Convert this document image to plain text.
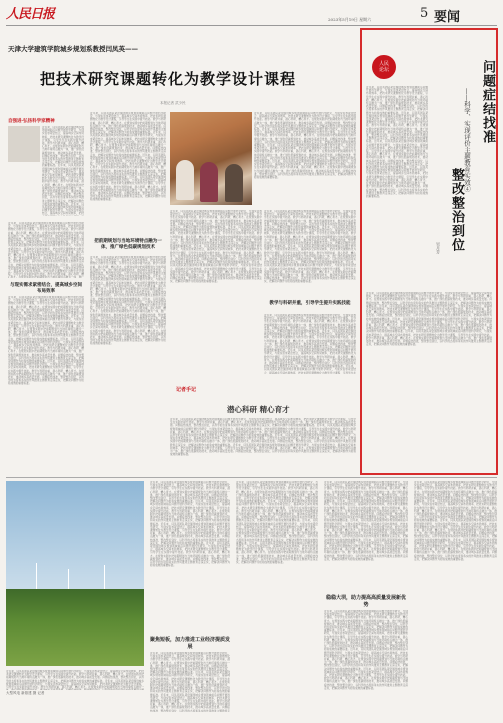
人民日报	2023年5月19日 星期六	5 要闻
天津大学建筑学院城乡规划系教授闫凤英——
把技术研究课题转化为教学设计课程
本报记者 武少民
自强进·弘扬科学家精神
近年来，闫凤英团队紧密围绕城乡规划领域前沿问题开展科学研究，与现实需求紧密结合，提高城乡空间布局效率，把技术研究课题转化为教学设计课程，引导学生在实践中提升技能。教学与科研并重，潜心科研，精心育才。在规划实践中把前期规划与当地环境特点融为一体，推广绿色低碳规划技术，推动城乡高质量发展。问题症结找准，整改整治到位，以科学的态度和务实的作风推进主题教育走深走实，把解决问题作为检验成效的重要标准。近年来，闫凤英团队紧密围绕城乡规划领域前沿问题开展科学研究，与现实需求紧密结合，提高城乡空间布局效率，把技术研究课题转化为教学设计课程，引导学生在实践中提升技能。教学与科研并重，潜心科研，精心育才。在规划实践中把前期规划与当地环境特点融为一体，推广绿色低碳规划技术，推动城乡高质量发展。问题症结找准，整改整治到位，以科学的态度和务实的作风推进主题教育走深走实，把解决问题作为检验成效的重要标准。近年来，闫凤英团队紧密围绕城乡规划领域前沿问题开展科学研究，与现实需求紧密结合，提高城乡空间布局效率，把技
近年来，闫凤英团队紧密围绕城乡规划领域前沿问题开展科学研究，与现实需求紧密结合，提高城乡空间布局效率，把技术研究课题转化为教学设计课程，引导学生在实践中提升技能。教学与科研并重，潜心科研，精心育才。在规划实践中把前期规划与当地环境特点融为一体，推广绿色低碳规划技术，推动城乡高质量发展。问题症结找准，整改整治到位，以科学的态度和务实的作风推进主题教育走深走实，把解决问题作为检验成效的重要标准。近年来，闫凤英团队紧密围绕城乡规划领域前沿问题开展科学研究，与现实需求紧密结合，提高城乡空间布局效率，把技术研究课题转化为教学设计课程，引导学生在实践中提升技能。教学与科研并重，潜心科研，精心育才。在规划实践中把前期规划与当地环境特点融为一体，推广绿色低碳规划技术，推动城乡高质量发展。问题症结找准，整改整治到位，以科学的态度和务实的作风推进主题教育走深走实，把解决问题作为检验成效的重要标准。近年来，闫凤英团队紧密围绕城乡规划领域前沿问题开展科学研究，与现实需求紧密结合，提高城乡空间布局效率，把技术研究课题转化为教学设计课程，引导学生在实践中提升技能。教学与科研并重，潜心科研，精心育才。在规划实践中把前期规划与当地环境特点融为一体，推广
与现实需求紧密结合，提高城乡空间布局效率
近年来，闫凤英团队紧密围绕城乡规划领域前沿问题开展科学研究，与现实需求紧密结合，提高城乡空间布局效率，把技术研究课题转化为教学设计课程，引导学生在实践中提升技能。教学与科研并重，潜心科研，精心育才。在规划实践中把前期规划与当地环境特点融为一体，推广绿色低碳规划技术，推动城乡高质量发展。问题症结找准，整改整治到位，以科学的态度和务实的作风推进主题教育走深走实，把解决问题作为检验成效的重要标准。近年来，闫凤英团队紧密围绕城乡规划领域前沿问题开展科学研究，与现实需求紧密结合，提高城乡空间布局效率，把技术研究课题转化为教学设计课程，引导学生在实践中提升技能。教学与科研并重，潜心科研，精心育才。在规划实践中把前期规划与当地环境特点融为一体，推广绿色低碳规划技术，推动城乡高质量发展。问题症结找准，整改整治到位，以科学的态度和务实的作风推进主题教育走深走实，把解决问题作为检验成效的重要标准。近年来，闫凤英团队紧密围绕城乡规划领域前沿问题开展科学研究，与现实需求紧密结合，提高城乡空间布局效率，把技术研究课题转化为教学设计课程，引导学生在实践中提升技能。教学与科研并重，潜心科研，精心育才。在规划实践中把前期规划与当地环境特点融为一体，推广绿色低碳规划技术，推动城乡高质量发展。问题症结找准，整改整治到位，以科学的态度和务实的作风推进主题教育走深走实，把解决问题作为检验成效的重要标准。近年来，闫凤英团队紧密围绕城乡规划领域前沿问题开展科学研究，与现实需求紧密结合，提高城乡空间布局效率，把技术研究课题转化为教学设计课程，引导学生在实践中提升技能。教学与科研并重，潜心科研，精心育才。在规划实践中把前期规划与当地环境特点融为一体，推广绿色低碳规划技术，推动城乡高质量发展。问题症结找准，整改整治到位，以科学的态度和务实的作风推进主题教育走深走实，把解决问题作为检验成效的重要标准。
近年来，闫凤英团队紧密围绕城乡规划领域前沿问题开展科学研究，与现实需求紧密结合，提高城乡空间布局效率，把技术研究课题转化为教学设计课程，引导学生在实践中提升技能。教学与科研并重，潜心科研，精心育才。在规划实践中把前期规划与当地环境特点融为一体，推广绿色低碳规划技术，推动城乡高质量发展。问题症结找准，整改整治到位，以科学的态度和务实的作风推进主题教育走深走实，把解决问题作为检验成效的重要标准。近年来，闫凤英团队紧密围绕城乡规划领域前沿问题开展科学研究，与现实需求紧密结合，提高城乡空间布局效率，把技术研究课题转化为教学设计课程，引导学生在实践中提升技能。教学与科研并重，潜心科研，精心育才。在规划实践中把前期规划与当地环境特点融为一体，推广绿色低碳规划技术，推动城乡高质量发展。问题症结找准，整改整治到位，以科学的态度和务实的作风推进主题教育走深走实，把解决问题作为检验成效的重要标准。近年来，闫凤英团队紧密围绕城乡规划领域前沿问题开展科学研究，与现实需求紧密结合，提高城乡空间布局效率，把技术研究课题转化为教学设计课程，引导学生在实践中提升技能。教学与科研并重，潜心科研，精心育才。在规划实践中把前期规划与当地环境特点融为一体，推广绿色低碳规划技术，推动城乡高质量发展。问题症结找准，整改整治到位，以科学的态度和务实的作风推进主题教育走深走实，把解决问题作为检验成效的重要标准。近年来，闫凤英团队紧密围绕城乡规划领域前沿问题开展科学研究，与现实需求紧密结合，提高城乡空间布局效率，把技术研究课题转化为教学设计课程，引导学生在实践中提升技能。教学与科研并重，潜心科研，精心育才。在规划实践中把前期规划与当地环境特点融为一体，推广绿色低碳规划技术，推动城乡高质量发展。问题症结找准，整改整治到位，以科学的态度和务实的作风推进主题教育走深走实，把解决问题作为检验成效的重要标准。
把前期规划与当地环境特点融为一体，推广绿色低碳规划技术
近年来，闫凤英团队紧密围绕城乡规划领域前沿问题开展科学研究，与现实需求紧密结合，提高城乡空间布局效率，把技术研究课题转化为教学设计课程，引导学生在实践中提升技能。教学与科研并重，潜心科研，精心育才。在规划实践中把前期规划与当地环境特点融为一体，推广绿色低碳规划技术，推动城乡高质量发展。问题症结找准，整改整治到位，以科学的态度和务实的作风推进主题教育走深走实，把解决问题作为检验成效的重要标准。近年来，闫凤英团队紧密围绕城乡规划领域前沿问题开展科学研究，与现实需求紧密结合，提高城乡空间布局效率，把技术研究课题转化为教学设计课程，引导学生在实践中提升技能。教学与科研并重，潜心科研，精心育才。在规划实践中把前期规划与当地环境特点融为一体，推广绿色低碳规划技术，推动城乡高质量发展。问题症结找准，整改整治到位，以科学的态度和务实的作风推进主题教育走深走实，把解决问题作为检验成效的重要标准。近年来，闫凤英团队紧密围绕城乡规划领域前沿问题开展科学研究，与现实需求紧密结合，提高城乡空间布局效率，把技术研究课题转化为教学设计课程，引导学生在实践中提升技能。教学与科研并重，潜心科研，精心育才。在规划实践中把前期规划与当地环境特点融为一体，推广绿色低碳规划技术，推动城乡高质量发展。问题症结找准，整改整治到位，以科学的态度和务实的作风推进主题教育走深走实，把解决问题作为检验成效的重要标准。近年来，闫凤英团队紧密围绕城乡规划领域前沿问题开展科学研究，与现实需求紧密结合，提高城乡空间布局效率，把技术研究课题转化为教学设计课程，引导学生在实践中提升技能。教学与科研并重，潜心科研，精心育才。在规划实践中把前期规划与当地环境特点融为一体，推广绿色低碳规划技术，推动城乡高质量发展。问题症结找准，整改整治到位，以科学的态度和务实的作风推进主题教育走深走实，把解决问题作为检验成效的重要标准。
近年来，闫凤英团队紧密围绕城乡规划领域前沿问题开展科学研究，与现实需求紧密结合，提高城乡空间布局效率，把技术研究课题转化为教学设计课程，引导学生在实践中提升技能。教学与科研并重，潜心科研，精心育才。在规划实践中把前期规划与当地环境特点融为一体，推广绿色低碳规划技术，推动城乡高质量发展。问题症结找准，整改整治到位，以科学的态度和务实的作风推进主题教育走深走实，把解决问题作为检验成效的重要标准。近年来，闫凤英团队紧密围绕城乡规划领域前沿问题开展科学研究，与现实需求紧密结合，提高城乡空间布局效率，把技术研究课题转化为教学设计课程，引导学生在实践中提升技能。教学与科研并重，潜心科研，精心育才。在规划实践中把前期规划与当地环境特点融为一体，推广绿色低碳规划技术，推动城乡高质量发展。问题症结找准，整改整治到位，以科学的态度和务实的作风推进主题教育走深走实，把解决问题作为检验成效的重要标准。近年来，闫凤英团队紧密围绕城乡规划领域前沿问题开展科学研究，与现实需求紧密结合，提高城乡空间布局效率，把技术研究课题转化为教学设计课程，引导学生在实践中提升技能。教学与科研并重，潜心科研，精心育才。在规划实践中把前期规划与当地环境特点融为一体，推广绿色低碳规划技术，推动城乡高质量发展。问题症结找准，整改整治到位，以科学的态度和务实的作风推进主题教育走深走实，把解决问题作为检验成效的重要标准。近年来，闫凤英团队紧密围绕城乡规划领域前沿问题开展科学研究，与现实需求紧密结合，提高城乡空间布局效率，把技术研究课题转化为教学设计课程，引导学生在实践中提升技能。教学与科研并重，潜心科研，精心育才。在规划实践中把前期规划与当地环境特点融为一体，推广绿色低碳规划技术，推动城乡高质量发展。问题症结找准，整改整治到位，以科学的态度和务实的作风推进主题教育走深走实，把解决问题作为检验成效的重要标准。
近年来，闫凤英团队紧密围绕城乡规划领域前沿问题开展科学研究，与现实需求紧密结合，提高城乡空间布局效率，把技术研究课题转化为教学设计课程，引导学生在实践中提升技能。教学与科研并重，潜心科研，精心育才。在规划实践中把前期规划与当地环境特点融为一体，推广绿色低碳规划技术，推动城乡高质量发展。问题症结找准，整改整治到位，以科学的态度和务实的作风推进主题教育走深走实，把解决问题作为检验成效的重要标准。近年来，闫凤英团队紧密围绕城乡规划领域前沿问题开展科学研究，与现实需求紧密结合，提高城乡空间布局效率，把技术研究课题转化为教学设计课程，引导学生在实践中提升技能。教学与科研并重，潜心科研，精心育才。在规划实践中把前期规划与当地环境特点融为一体，推广绿色低碳规划技术，推动城乡高质量发展。问题症结找准，整改整治到位，以科学的态度和务实的作风推进主题教育走深走实，把解决问题作为检验成效的重要标准。近年来，闫凤英团队紧密围绕城乡规划领域前沿问题开展科学研究，与现实需求紧密结合，提高城乡空间布局效率，把技术研究课题转化为教学设计课程，引导学生在实践中提升技能。教学与科研并重，潜心科研，精心育才。在规划实践中把前期规划与当地环境特点融为一体，推广绿色低碳规划技术，推动城乡高质量发展。问题症结找准，整改整治到位，以科学的态度和务实的作风推进主题教育走深走实，把解决问题作为检验成效的重要标准。近年来，闫凤英团队紧密围绕城乡规划领域前沿问题开展科学研究，与现实需求紧密结合，提高城乡空间布局效率，把技术研究课题转化为教学设计课程，引导学生在实践中提升技能。教学与科研并重，潜心科研，精心育才。在规划实践中把前期规划与当地环境特点融为一体，推广绿色低碳规划技术，推动城乡高质量发展。问题症结找准，整改整治到位，以科学的态度和务实的作风推进主题教育走深走实，把解决问题作为检验成效的重要标准。
教学与科研并重，引导学生提升实践技能
近年来，闫凤英团队紧密围绕城乡规划领域前沿问题开展科学研究，与现实需求紧密结合，提高城乡空间布局效率，把技术研究课题转化为教学设计课程，引导学生在实践中提升技能。教学与科研并重，潜心科研，精心育才。在规划实践中把前期规划与当地环境特点融为一体，推广绿色低碳规划技术，推动城乡高质量发展。问题症结找准，整改整治到位，以科学的态度和务实的作风推进主题教育走深走实，把解决问题作为检验成效的重要标准。近年来，闫凤英团队紧密围绕城乡规划领域前沿问题开展科学研究，与现实需求紧密结合，提高城乡空间布局效率，把技术研究课题转化为教学设计课程，引导学生在实践中提升技能。教学与科研并重，潜心科研，精心育才。在规划实践中把前期规划与当地环境特点融为一体，推广绿色低碳规划技术，推动城乡高质量发展。问题症结找准，整改整治到位，以科学的态度和务实的作风推进主题教育走深走实，把解决问题作为检验成效的重要标准。近年来，闫凤英团队紧密围绕城乡规划领域前沿问题开展科学研究，与现实需求紧密结合，提高城乡空间布局效率，把技术研究课题转化为教学设计课程，引导学生在实践中提升技能。教学与科研并重，潜心科研，精心育才。在规划实践中把前期规划与当地环境特点融为一体，推广绿色低碳规划技术，推动城乡高质量发展。问题症结找准，整改整治到位，以科学的态度和务实的作风推进主题教育走深走实，把解决问题作为检验成效的重要标准。近年来，闫凤英团队紧密围绕城乡规划领域前沿问题开展科学研究，与现实需求紧密结合，提高城乡空间布局效率，把技术研究课题转化为教学设计课程，引导学生在实践中提升技能。教学与科研并重，潜心科研，精心育才。在规划实践中把前期规划与当地环境特点融为一体，推广绿色低碳规划技术，推动城乡高质量发展。问题症结找准，整改整治到位，以科学的态度和务实的作风推进主题教育走深走实，把解决问题作为检验成效的重要标准。
近年来，闫凤英团队紧密围绕城乡规划领域前沿问题开展科学研究，与现实需求紧密结合，提高城乡空间布局效率，把技术研究课题转化为教学设计课程，引导学生在实践中提升技能。教学与科研并重，潜心科研，精心育才。在规划实践中把前期规划与当地环境特点融为一体，推广绿色低碳规划技术，推动城乡高质量发展。问题症结找准，整改整治到位，以科学的态度和务实的作风推进主题教育走深走实，把解决问题作为检验成效的重要标准。近年来，闫凤英团队紧密围绕城乡规划领域前沿问题开展科学研究，与现实需求紧密结合，提高城乡空间布局效率，把技术研究课题转化为教学设计课程，引导学生在实践中提升技能。教学与科研并重，潜心科研，精心育才。在规划实践中把前期规划与当地环境特点融为一体，推广绿色低碳规划技术，推动城乡高质量发展。问题症结找准，整改整治到位，以科学的态度和务实的作风推进主题教育走深走实，把解决问题作为检验成效的重要标准。近年来，闫凤英团队紧密围绕城乡规划领域前沿问题开展科学研究，与现实需求紧密结合，提高城乡空间布局效率，把技术研究课题转化为教学设计课程，引导学生在实践中提升技能。教学与科研并重，潜心科研，精心育才。在规划实践中把前期规划与当地环境特点融为一体，推广绿色低碳规划技术，推动城乡高质量发展。问题症结找准，整改整治到位，以科学的态度和务实的作风推进主题教育走深走实，把解决问题作为检验成效的重要标准。近年来，闫凤英团队紧密围绕城乡规划领域前沿问题开展科学研究，与现实需求紧密结合，提高城乡空间布局效率，把技术研究课题转化为教学设计课程，引导学生在
记者手记
潜心科研 精心育才
近年来，闫凤英团队紧密围绕城乡规划领域前沿问题开展科学研究，与现实需求紧密结合，提高城乡空间布局效率，把技术研究课题转化为教学设计课程，引导学生在实践中提升技能。教学与科研并重，潜心科研，精心育才。在规划实践中把前期规划与当地环境特点融为一体，推广绿色低碳规划技术，推动城乡高质量发展。问题症结找准，整改整治到位，以科学的态度和务实的作风推进主题教育走深走实，把解决问题作为检验成效的重要标准。近年来，闫凤英团队紧密围绕城乡规划领域前沿问题开展科学研究，与现实需求紧密结合，提高城乡空间布局效率，把技术研究课题转化为教学设计课程，引导学生在实践中提升技能。教学与科研并重，潜心科研，精心育才。在规划实践中把前期规划与当地环境特点融为一体，推广绿色低碳规划技术，推动城乡高质量发展。问题症结找准，整改整治到位，以科学的态度和务实的作风推进主题教育走深走实，把解决问题作为检验成效的重要标准。近年来，闫凤英团队紧密围绕城乡规划领域前沿问题开展科学研究，与现实需求紧密结合，提高城乡空间布局效率，把技术研究课题转化为教学设计课程，引导学生在实践中提升技能。教学与科研并重，潜心科研，精心育才。在规划实践中把前期规划与当地环境特点融为一体，推广绿色低碳规划技术，推动城乡高质量发展。问题症结找准，整改整治到位，以科学的态度和务实的作风推进主题教育走深走实，把解决问题作为检验成效的重要标准。近年来，闫凤英团队紧密围绕城乡规划领域前沿问题开展科学研究，与现实需求紧密结合，提高城乡空间布局效率，把技术研究课题转化为教学设计课程，引导学生在实践中提升技能。教学与科研并重，潜心科研，精心育才。在规划实践中把前期规划与当地环境特点融为一体，推广绿色低碳规划技术，推动城乡高质量发展。问题症结找准，整改整治到位，以科学的态度和务实的作风推进主题教育走深走实，把解决问题作为检验成效的重要标准。
人民
论坛	问题症结找准
——科学、实现评价主题教育实效④
整改整治到位
吴月芳
近年来，闫凤英团队紧密围绕城乡规划领域前沿问题开展科学研究，与现实需求紧密结合，提高城乡空间布局效率，把技术研究课题转化为教学设计课程，引导学生在实践中提升技能。教学与科研并重，潜心科研，精心育才。在规划实践中把前期规划与当地环境特点融为一体，推广绿色低碳规划技术，推动城乡高质量发展。问题症结找准，整改整治到位，以科学的态度和务实的作风推进主题教育走深走实，把解决问题作为检验成效的重要标准。近年来，闫凤英团队紧密围绕城乡规划领域前沿问题开展科学研究，与现实需求紧密结合，提高城乡空间布局效率，把技术研究课题转化为教学设计课程，引导学生在实践中提升技能。教学与科研并重，潜心科研，精心育才。在规划实践中把前期规划与当地环境特点融为一体，推广绿色低碳规划技术，推动城乡高质量发展。问题症结找准，整改整治到位，以科学的态度和务实的作风推进主题教育走深走实，把解决问题作为检验成效的重要标准。近年来，闫凤英团队紧密围绕城乡规划领域前沿问题开展科学研究，与现实需求紧密结合，提高城乡空间布局效率，把技术研究课题转化为教学设计课程，引导学生在实践中提升技能。教学与科研并重，潜心科研，精心育才。在规划实践中把前期规划与当地环境特点融为一体，推广绿色低碳规划技术，推动城乡高质量发展。问题症结找准，整改整治到位，以科学的态度和务实的作风推进主题教育走深走实，把解决问题作为检验成效的重要标准。近年来，闫凤英团队紧密围绕城乡规划领域前沿问题开展科学研究，与现实需求紧密结合，提高城乡空间布局效率，把技术研究课题转化为教学设计课程，引导学生在实践中提升技能。教学与科研并重，潜心科研，精心育才。在规划实践中把前期规划与当地环境特点融为一体，推广绿色低碳规划技术，推动城乡高质量发展。问题症结找准，整改整治到位，以科学的态度和务实的作风推进主题教育走深走实，把解决问题作为检验成效的重要标准。
近年来，闫凤英团队紧密围绕城乡规划领域前沿问题开展科学研究，与现实需求紧密结合，提高城乡空间布局效率，把技术研究课题转化为教学设计课程，引导学生在实践中提升技能。教学与科研并重，潜心科研，精心育才。在规划实践中把前期规划与当地环境特点融为一体，推广绿色低碳规划技术，推动城乡高质量发展。问题症结找准，整改整治到位，以科学的态度和务实的作风推进主题教育走深走实，把解决问题作为检验成效的重要标准。近年来，闫凤英团队紧密围绕城乡规划领域前沿问题开展科学研究，与现实需求紧密结合，提高城乡空间布局效率，把技术研究课题转化为教学设计课程，引导学生在实践中提升技能。教学与科研并重，潜心科研，精心育才。在规划实践中把前期规划与当地环境特点融为一体，推广绿色低碳规划技术，推动城乡高质量发展。问题症结找准，整改整治到位，以科学的态度和务实的作风推进主题教育走深走实，把解决问题作为检验成效的重要标准。近年来，闫凤英团队紧密围绕城乡规划领域前沿问题开展科学研究，与现实需求紧密结合，提高城乡空间布局效率，把技术研究课题转化为教学设计课程，引导学生在实践中提升技能。教学与科研并重，潜心科研，精心育才。在规划实践中把前期规划与当地环境特点融为一体，推广绿色低碳规划技术，推动城乡高质量发展。问题症结找准，整改整治到位，以科学的态度和务实的作风推进主题教育走深走实，把解决问题作为检验成效的重要标准。近年来，闫凤英团队紧密围绕城乡规划领域前沿问题开展科学研究，与现实需求紧密结合，提高城乡空间布局效率，把技术研究课题转化为教学设计课程，引导学生在实践中提升技能。教学与科研并重，潜心科研，精心育才。在规划实践中把前期规划与当地环境特点融为一体，推广绿色低碳规划技术，推动城乡高质量发展。问题症结找准，整改整治到位，以科学的态度和务实的作风推进主题教育走深走实，把解决问题作为检验成效的重要标准。
近年来，闫凤英团队紧密围绕城乡规划领域前沿问题开展科学研究，与现实需求紧密结合，提高城乡空间布局效率，把技术研究课题转化为教学设计课程，引导学生在实践中提升技能。教学与科研并重，潜心科研，精心育才。在规划实践中把前期规划与当地环境特点融为一体，推广绿色低碳规划技术，推动城乡高质量发展。问题症结找准，整改整治到位，以科学的态度和务实的作风推进主题教育走深走实，把解决问题作为检验成效的重要标准。近年来，闫凤英团队紧密围绕城乡规划领域前沿问题开展科学研究，与现实需求紧密结合，提高城乡空间布局效率，把技术研究课题转化为教学设计课程，引导学生在实践中提升技能。教学与科研并重，潜心科研，精心育才。在规划实践中把前期规划与当地环境特点融为一
大型风电 新基建 摄 记者
近年来，闫凤英团队紧密围绕城乡规划领域前沿问题开展科学研究，与现实需求紧密结合，提高城乡空间布局效率，把技术研究课题转化为教学设计课程，引导学生在实践中提升技能。教学与科研并重，潜心科研，精心育才。在规划实践中把前期规划与当地环境特点融为一体，推广绿色低碳规划技术，推动城乡高质量发展。问题症结找准，整改整治到位，以科学的态度和务实的作风推进主题教育走深走实，把解决问题作为检验成效的重要标准。近年来，闫凤英团队紧密围绕城乡规划领域前沿问题开展科学研究，与现实需求紧密结合，提高城乡空间布局效率，把技术研究课题转化为教学设计课程，引导学生在实践中提升技能。教学与科研并重，潜心科研，精心育才。在规划实践中把前期规划与当地环境特点融为一体，推广绿色低碳规划技术，推动城乡高质量发展。问题症结找准，整改整治到位，以科学的态度和务实的作风推进主题教育走深走实，把解决问题作为检验成效的重要标准。近年来，闫凤英团队紧密围绕城乡规划领域前沿问题开展科学研究，与现实需求紧密结合，提高城乡空间布局效率，把技术研究课题转化为教学设计课程，引导学生在实践中提升技能。教学与科研并重，潜心科研，精心育才。在规划实践中把前期规划与当地环境特点融为一体，推广绿色低碳规划技术，推动城乡高质量发展。问题症结找准，整改整治到位，以科学的态度和务实的作风推进主题教育走深走实，把解决问题作为检验成效的重要标准。近年来，闫凤英团队紧密围绕城乡规划领域前沿问题开展科学研究，与现实需求紧密结合，提高城乡空间布局效率，把技术研究课题转化为教学设计课程，引导学生在实践中提升技能。教学与科研并重，潜心科研，精心育才。在规划实践中把前期规划与当地环境特点融为一体，推广绿色低碳规划技术，推动城乡高质量发展。问题症结找准，整改整治到位，以科学的态度和务实的作风推进主题教育走深走实，把解决问题作为检验成效的重要标准。
聚焦短板，加力推进工业经济提质发展
近年来，闫凤英团队紧密围绕城乡规划领域前沿问题开展科学研究，与现实需求紧密结合，提高城乡空间布局效率，把技术研究课题转化为教学设计课程，引导学生在实践中提升技能。教学与科研并重，潜心科研，精心育才。在规划实践中把前期规划与当地环境特点融为一体，推广绿色低碳规划技术，推动城乡高质量发展。问题症结找准，整改整治到位，以科学的态度和务实的作风推进主题教育走深走实，把解决问题作为检验成效的重要标准。近年来，闫凤英团队紧密围绕城乡规划领域前沿问题开展科学研究，与现实需求紧密结合，提高城乡空间布局效率，把技术研究课题转化为教学设计课程，引导学生在实践中提升技能。教学与科研并重，潜心科研，精心育才。在规划实践中把前期规划与当地环境特点融为一体，推广绿色低碳规划技术，推动城乡高质量发展。问题症结找准，整改整治到位，以科学的态度和务实的作风推进主题教育走深走实，把解决问题作为检验成效的重要标准。近年来，闫凤英团队紧密围绕城乡规划领域前沿问题开展科学研究，与现实需求紧密结合，提高城乡空间布局效率，把技术研究课题转化为教学设计课程，引导学生在实践中提升技能。教学与科研并重，潜心科研，精心育才。在规划实践中把前期规划与当地环境特点融为一体，推广绿色低碳规划技术，推动城乡高质量发展。问题症结找准，整改整治到位，以科学的态度和务实的作风推进主题教育走
近年来，闫凤英团队紧密围绕城乡规划领域前沿问题开展科学研究，与现实需求紧密结合，提高城乡空间布局效率，把技术研究课题转化为教学设计课程，引导学生在实践中提升技能。教学与科研并重，潜心科研，精心育才。在规划实践中把前期规划与当地环境特点融为一体，推广绿色低碳规划技术，推动城乡高质量发展。问题症结找准，整改整治到位，以科学的态度和务实的作风推进主题教育走深走实，把解决问题作为检验成效的重要标准。近年来，闫凤英团队紧密围绕城乡规划领域前沿问题开展科学研究，与现实需求紧密结合，提高城乡空间布局效率，把技术研究课题转化为教学设计课程，引导学生在实践中提升技能。教学与科研并重，潜心科研，精心育才。在规划实践中把前期规划与当地环境特点融为一体，推广绿色低碳规划技术，推动城乡高质量发展。问题症结找准，整改整治到位，以科学的态度和务实的作风推进主题教育走深走实，把解决问题作为检验成效的重要标准。近年来，闫凤英团队紧密围绕城乡规划领域前沿问题开展科学研究，与现实需求紧密结合，提高城乡空间布局效率，把技术研究课题转化为教学设计课程，引导学生在实践中提升技能。教学与科研并重，潜心科研，精心育才。在规划实践中把前期规划与当地环境特点融为一体，推广绿色低碳规划技术，推动城乡高质量发展。问题症结找准，整改整治到位，以科学的态度和务实的作风推进主题教育走深走实，把解决问题作为检验成效的重要标准。近年来，闫凤英团队紧密围绕城乡规划领域前沿问题开展科学研究，与现实需求紧密结合，提高城乡空间布局效率，把技术研究课题转化为教学设计课程，引导学生在实践中提升技能。教学与科研并重，潜心科研，精心育才。在规划实践中把前期规划与当地环境特点融为一体，推广绿色低碳规划技术，推动城乡高质量发展。问题症结找准，整改整治到位，以科学的态度和务实的作风推进主题教育走深走实，把解决问题作为检验成效的重要标准。
近年来，闫凤英团队紧密围绕城乡规划领域前沿问题开展科学研究，与现实需求紧密结合，提高城乡空间布局效率，把技术研究课题转化为教学设计课程，引导学生在实践中提升技能。教学与科研并重，潜心科研，精心育才。在规划实践中把前期规划与当地环境特点融为一体，推广绿色低碳规划技术，推动城乡高质量发展。问题症结找准，整改整治到位，以科学的态度和务实的作风推进主题教育走深走实，把解决问题作为检验成效的重要标准。近年来，闫凤英团队紧密围绕城乡规划领域前沿问题开展科学研究，与现实需求紧密结合，提高城乡空间布局效率，把技术研究课题转化为教学设计课程，引导学生在实践中提升技能。教学与科研并重，潜心科研，精心育才。在规划实践中把前期规划与当地环境特点融为一体，推广绿色低碳规划技术，推动城乡高质量发展。问题症结找准，整改整治到位，以科学的态度和务实的作风推进主题教育走深走实，把解决问题作为检验成效的重要标准。近年来，闫凤英团队紧密围绕城乡规划领域前沿问题开展科学研究，与现实需求紧密结合，提高城乡空间布局效率，把技术研究课题转化为教学设计课程，引导学生在实践中提升技能。教学与科研并重，潜心科研，精心育才。在规划实践中把前期规划与当地环境特点融为一体，推广绿色低碳规划技术，推动城乡高质量发展。问题症结找准，整改整治到位，以科学的态度和务实的作风推进主题教育走深走实，把解决问题作为检验成效的重要标准。近年来，闫凤英团队紧密围绕城乡规划领域前沿问题开展科学研究，与现实需求紧密结合，提高城乡空间布局效率，把技术研究课题转化为教学设计课程，引导学生在实践中提升技能。教学与科研并重，潜心科研，精心育才。在规划实践中把前期规划与当地环境特点融为一体，推广绿色低碳规划技术，推动城乡高质量发展。问题症结找准，整改整治到位，以科学的态度和务实的作风推进主题教育走深走实，把解决问题作为检验成效的重要标准。
稳稳大坝，助力提高高质量发展新优势
近年来，闫凤英团队紧密围绕城乡规划领域前沿问题开展科学研究，与现实需求紧密结合，提高城乡空间布局效率，把技术研究课题转化为教学设计课程，引导学生在实践中提升技能。教学与科研并重，潜心科研，精心育才。在规划实践中把前期规划与当地环境特点融为一体，推广绿色低碳规划技术，推动城乡高质量发展。问题症结找准，整改整治到位，以科学的态度和务实的作风推进主题教育走深走实，把解决问题作为检验成效的重要标准。近年来，闫凤英团队紧密围绕城乡规划领域前沿问题开展科学研究，与现实需求紧密结合，提高城乡空间布局效率，把技术研究课题转化为教学设计课程，引导学生在实践中提升技能。教学与科研并重，潜心科研，精心育才。在规划实践中把前期规划与当地环境特点融为一体，推广绿色低碳规划技术，推动城乡高质量发展。问题症结找准，整改整治到位，以科学的态度和务实的作风推进主题教育走深走实，把解决问题作为检验成效的重要标准。近年来，闫凤英团队紧密围绕城乡规划领域前沿问题开展科学研究，与现实需求紧密结合，提高城乡空间布局效率，把技术研究课题转化为教学设计课程，引导学生在实践中提升技能。教学与科研并重，潜心科研，精心育才。在规划实践中把前期规划与当地环境特点融为一体，推广绿色低碳规划技术，推动城乡高质量发展。问题症结找准，整改整治到位，以科学的态度和务实的作风推进主题教育走深走实，把解决问题作为检验成效的重要标准。近年来，闫凤英团队紧密围绕城乡规划领域前沿问题开展科学研究，与现实需求紧密结合，提高城乡空间布局效率，把技术研究课题转化为教学设计课程，引导学生在实践中提升技能。教学与科研并重，潜心科研，精心育才。在规划实践中把前期规划与当地环境特点融为一体，推广绿色低碳规划技术，推动城乡高质量发展。问题症结找准，整改整治到位，以科学的态度和务实的作风推进主题教育走深走实，把解决问题作为检验成效的重要标准。
近年来，闫凤英团队紧密围绕城乡规划领域前沿问题开展科学研究，与现实需求紧密结合，提高城乡空间布局效率，把技术研究课题转化为教学设计课程，引导学生在实践中提升技能。教学与科研并重，潜心科研，精心育才。在规划实践中把前期规划与当地环境特点融为一体，推广绿色低碳规划技术，推动城乡高质量发展。问题症结找准，整改整治到位，以科学的态度和务实的作风推进主题教育走深走实，把解决问题作为检验成效的重要标准。近年来，闫凤英团队紧密围绕城乡规划领域前沿问题开展科学研究，与现实需求紧密结合，提高城乡空间布局效率，把技术研究课题转化为教学设计课程，引导学生在实践中提升技能。教学与科研并重，潜心科研，精心育才。在规划实践中把前期规划与当地环境特点融为一体，推广绿色低碳规划技术，推动城乡高质量发展。问题症结找准，整改整治到位，以科学的态度和务实的作风推进主题教育走深走实，把解决问题作为检验成效的重要标准。近年来，闫凤英团队紧密围绕城乡规划领域前沿问题开展科学研究，与现实需求紧密结合，提高城乡空间布局效率，把技术研究课题转化为教学设计课程，引导学生在实践中提升技能。教学与科研并重，潜心科研，精心育才。在规划实践中把前期规划与当地环境特点融为一体，推广绿色低碳规划技术，推动城乡高质量发展。问题症结找准，整改整治到位，以科学的态度和务实的作风推进主题教育走深走实，把解决问题作为检验成效的重要标准。近年来，闫凤英团队紧密围绕城乡规划领域前沿问题开展科学研究，与现实需求紧密结合，提高城乡空间布局效率，把技术研究课题转化为教学设计课程，引导学生在实践中提升技能。教学与科研并重，潜心科研，精心育才。在规划实践中把前期规划与当地环境特点融为一体，推广绿色低碳规划技术，推动城乡高质量发展。问题症结找准，整改整治到位，以科学的态度和务实的作风推进主题教育走深走实，把解决问题作为检验成效的重要标准。
